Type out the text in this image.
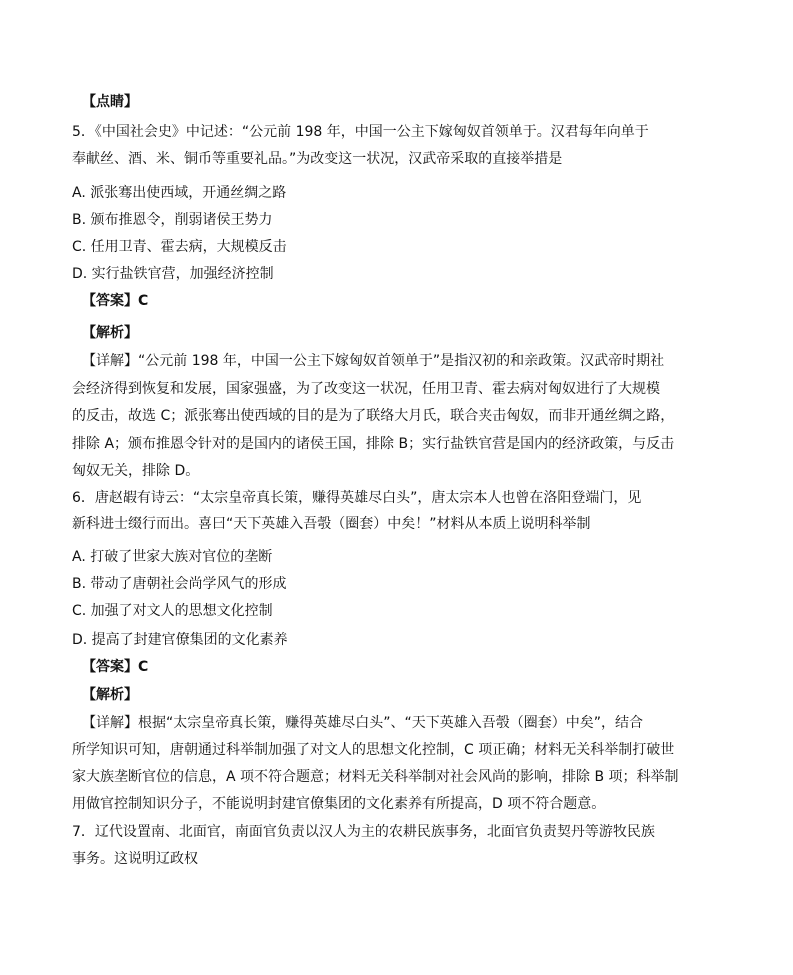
【点睛】
5．《中国社会史》中记述：“公元前 198 年，中国一公主下嫁匈奴首领单于。汉君每年向单于
奉献丝、酒、米、铜币等重要礼品。”为改变这一状况，汉武帝采取的直接举措是
A. 派张骞出使西域，开通丝绸之路
B. 颁布推恩令，削弱诸侯王势力
C. 任用卫青、霍去病，大规模反击
D. 实行盐铁官营，加强经济控制
【答案】C
【解析】
【详解】“公元前 198 年，中国一公主下嫁匈奴首领单于”是指汉初的和亲政策。汉武帝时期社
会经济得到恢复和发展，国家强盛，为了改变这一状况，任用卫青、霍去病对匈奴进行了大规模
的反击，故选 C；派张骞出使西域的目的是为了联络大月氏，联合夹击匈奴，而非开通丝绸之路，
排除 A；颁布推恩令针对的是国内的诸侯王国，排除 B；实行盐铁官营是国内的经济政策，与反击
匈奴无关，排除 D。
6．唐赵嘏有诗云：“太宗皇帝真长策，赚得英雄尽白头”，唐太宗本人也曾在洛阳登端门，见
新科进士缀行而出。喜曰“天下英雄入吾彀（圈套）中矣！”材料从本质上说明科举制
A. 打破了世家大族对官位的垄断
B. 带动了唐朝社会尚学风气的形成
C. 加强了对文人的思想文化控制
D. 提高了封建官僚集团的文化素养
【答案】C
【解析】
【详解】根据“太宗皇帝真长策，赚得英雄尽白头”、“天下英雄入吾彀（圈套）中矣”，结合
所学知识可知，唐朝通过科举制加强了对文人的思想文化控制，C 项正确；材料无关科举制打破世
家大族垄断官位的信息，A 项不符合题意；材料无关科举制对社会风尚的影响，排除 B 项；科举制
用做官控制知识分子，不能说明封建官僚集团的文化素养有所提高，D 项不符合题意。
7．辽代设置南、北面官，南面官负责以汉人为主的农耕民族事务，北面官负责契丹等游牧民族
事务。这说明辽政权
